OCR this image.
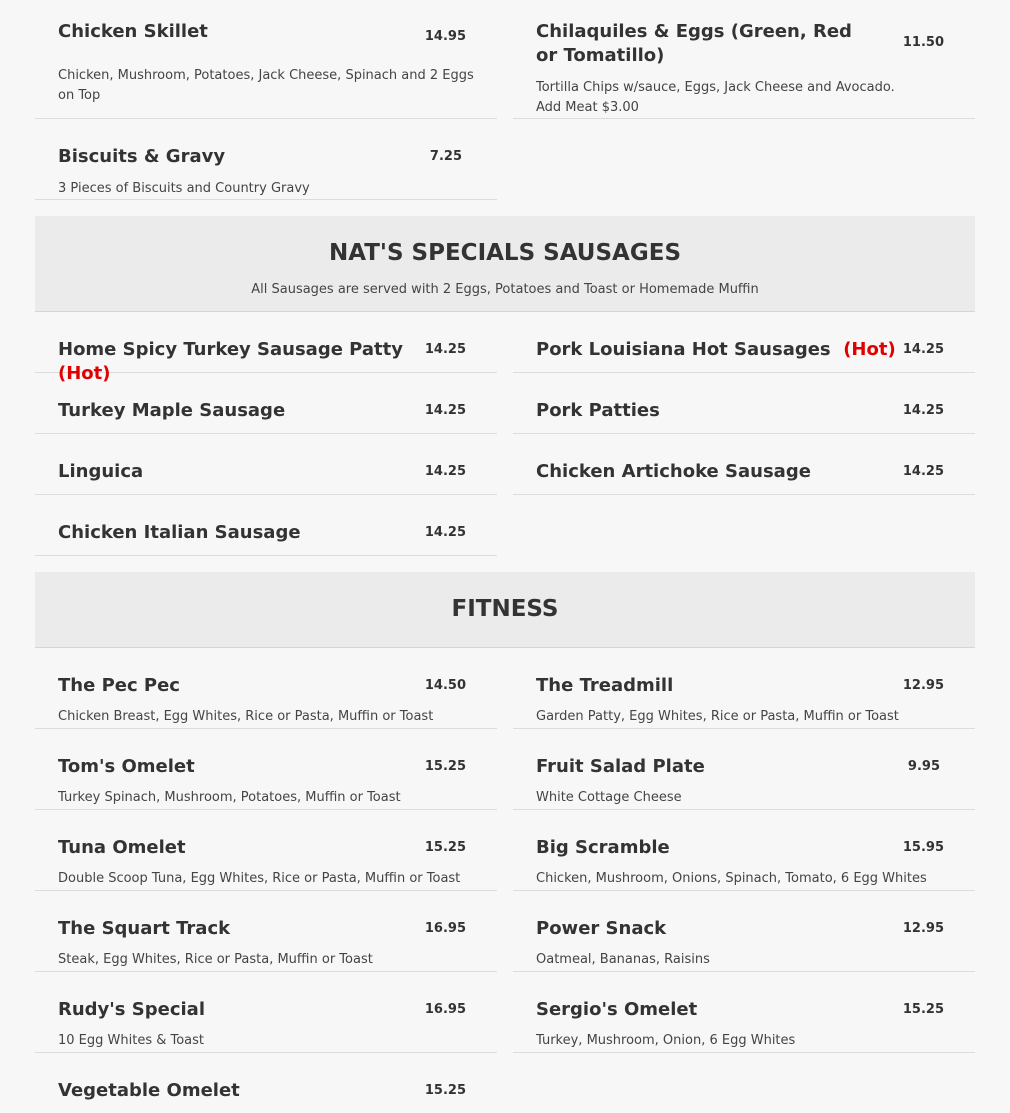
Chicken Skillet	14.95
Chicken, Mushroom, Potatoes, Jack Cheese, Spinach and 2 Eggs on Top
Biscuits & Gravy	7.25
3 Pieces of Biscuits and Country Gravy
Chilaquiles & Eggs (Green, Red or Tomatillo)
11.50
Tortilla Chips w/sauce, Eggs, Jack Cheese and Avocado. Add Meat $3.00
NAT'S SPECIALS SAUSAGES
All Sausages are served with 2 Eggs, Potatoes and Toast or Homemade Muffin
Home Spicy Turkey Sausage Patty (Hot)
14.25
Turkey Maple Sausage	14.25
Linguica	14.25
Chicken Italian Sausage	14.25
Pork Louisiana Hot Sausages (Hot) 14.25
Pork Patties	14.25
Chicken Artichoke Sausage	14.25
FITNESS
The Pec Pec	14.50
Chicken Breast, Egg Whites, Rice or Pasta, Muffin or Toast
Tom's Omelet	15.25
Turkey Spinach, Mushroom, Potatoes, Muffin or Toast
Tuna Omelet	15.25
Double Scoop Tuna, Egg Whites, Rice or Pasta, Muffin or Toast
The Squart Track	16.95
Steak, Egg Whites, Rice or Pasta, Muffin or Toast
Rudy's Special	16.95
10 Egg Whites & Toast
Vegetable Omelet	15.25
The Treadmill	12.95
Garden Patty, Egg Whites, Rice or Pasta, Muffin or Toast
Fruit Salad Plate	9.95
White Cottage Cheese
Big Scramble	15.95
Chicken, Mushroom, Onions, Spinach, Tomato, 6 Egg Whites
Power Snack	12.95
Oatmeal, Bananas, Raisins
Sergio's Omelet	15.25
Turkey, Mushroom, Onion, 6 Egg Whites
